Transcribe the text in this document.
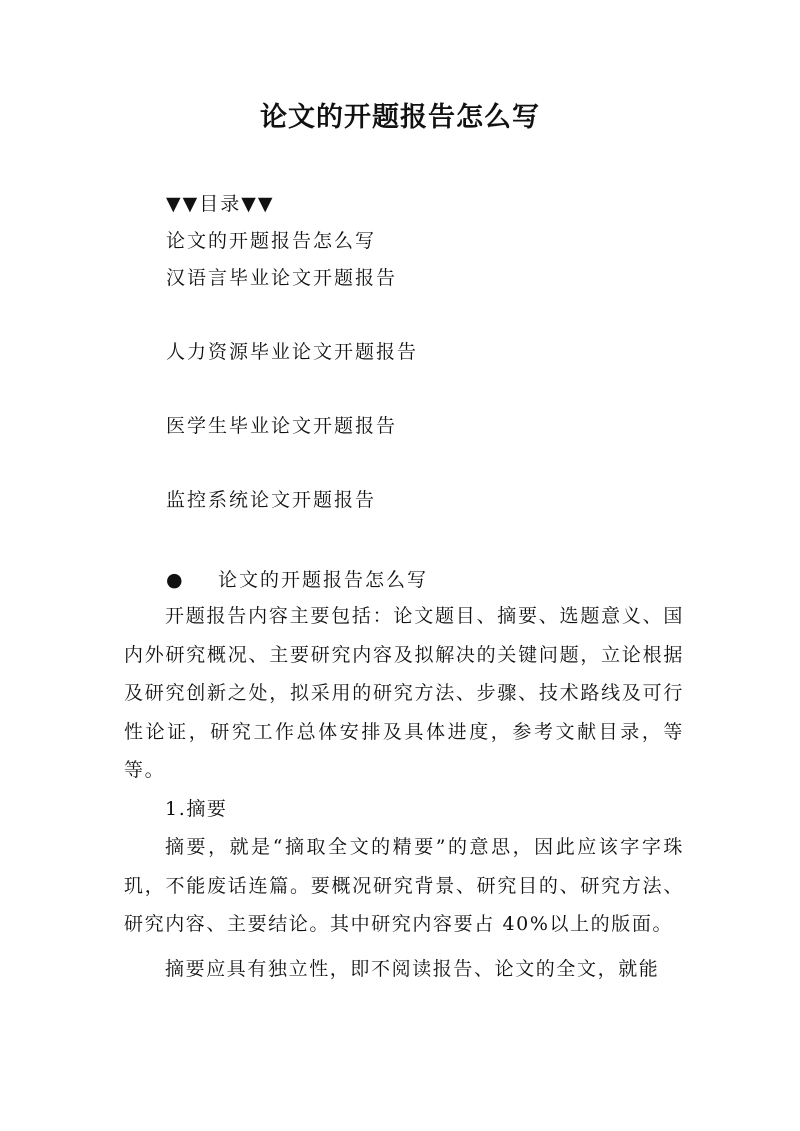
论文的开题报告怎么写
▼▼目录▼▼
论文的开题报告怎么写
汉语言毕业论文开题报告
人力资源毕业论文开题报告
医学生毕业论文开题报告
监控系统论文开题报告
● 论文的开题报告怎么写

开题报告内容主要包括：论文题目、摘要、选题意义、国内外研究概况、主要研究内容及拟解决的关键问题，立论根据及研究创新之处，拟采用的研究方法、步骤、技术路线及可行性论证，研究工作总体安排及具体进度，参考文献目录，等等。

1.摘要

摘要，就是“摘取全文的精要”的意思，因此应该字字珠玑，不能废话连篇。要概况研究背景、研究目的、研究方法、研究内容、主要结论。其中研究内容要占 40%以上的版面。

摘要应具有独立性，即不阅读报告、论文的全文，就能
